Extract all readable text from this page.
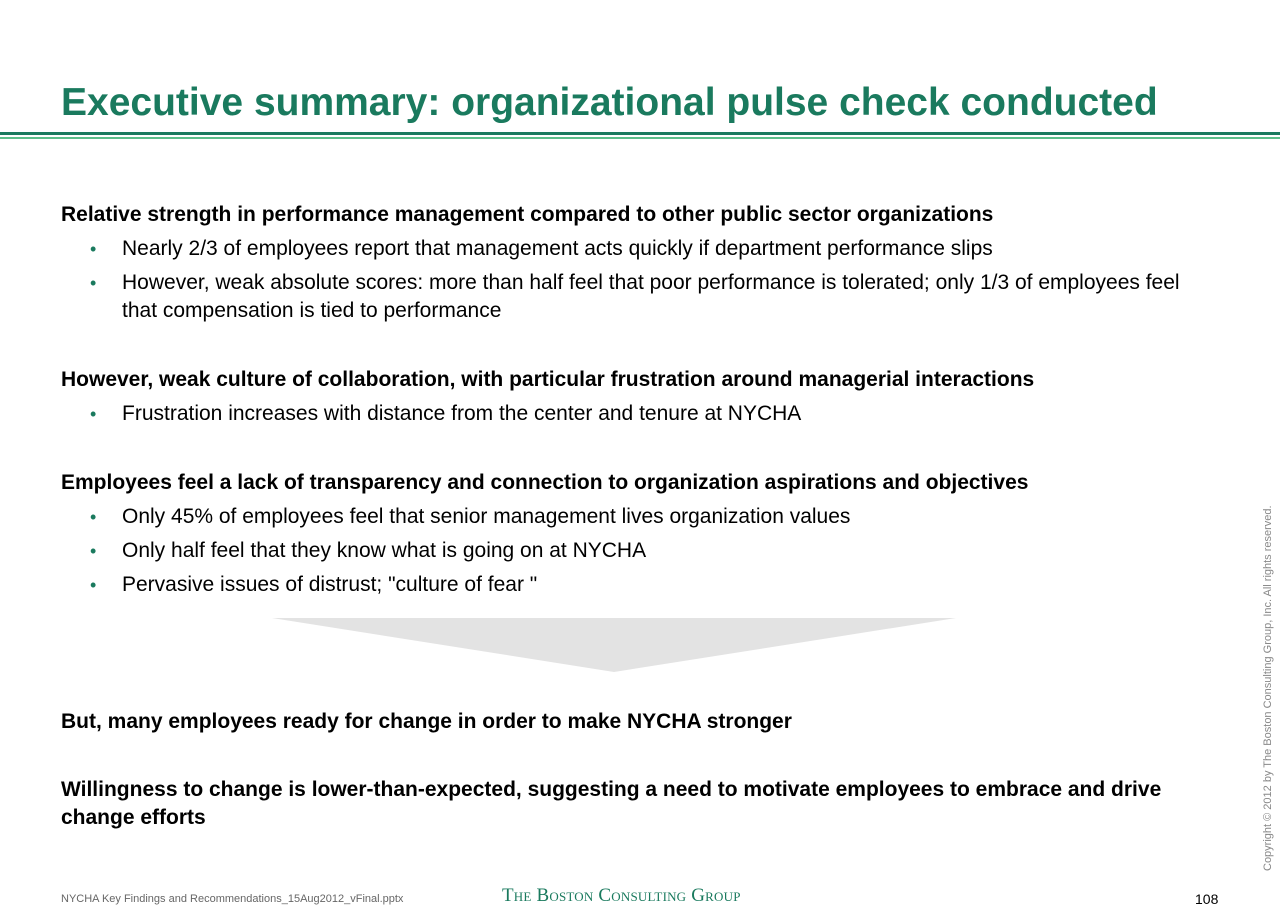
Executive summary: organizational pulse check conducted

Relative strength in performance management compared to other public sector organizations

• Nearly 2/3 of employees report that management acts quickly if department performance slips
• However, weak absolute scores: more than half feel that poor performance is tolerated; only 1/3 of employees feel that compensation is tied to performance

However, weak culture of collaboration, with particular frustration around managerial interactions

• Frustration increases with distance from the center and tenure at NYCHA

Employees feel a lack of transparency and connection to organization aspirations and objectives

• Only 45% of employees feel that senior management lives organization values
• Only half feel that they know what is going on at NYCHA
• Pervasive issues of distrust; "culture of fear "

But, many employees ready for change in order to make NYCHA stronger

Willingness to change is lower-than-expected, suggesting a need to motivate employees to embrace and drive change efforts

NYCHA Key Findings and Recommendations_15Aug2012_vFinal.pptx	The Boston Consulting Group	108
Copyright © 2012 by The Boston Consulting Group, Inc. All rights reserved.
